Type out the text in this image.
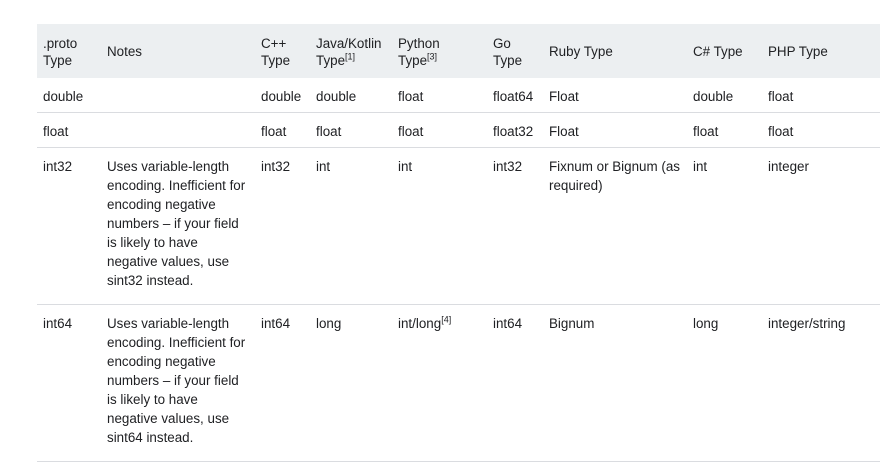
.proto Type	Notes	C++ Type	Java/Kotlin Type[1]	Python Type[3]	Go Type	Ruby Type	C# Type	PHP Type
double		double	double	float	float64	Float	double	float
float		float	float	float	float32	Float	float	float
int32	Uses variable-length encoding. Inefficient for encoding negative numbers – if your field is likely to have negative values, use sint32 instead.	int32	int	int	int32	Fixnum or Bignum (as required)	int	integer
int64	Uses variable-length encoding. Inefficient for encoding negative numbers – if your field is likely to have negative values, use sint64 instead.	int64	long	int/long[4]	int64	Bignum	long	integer/string
